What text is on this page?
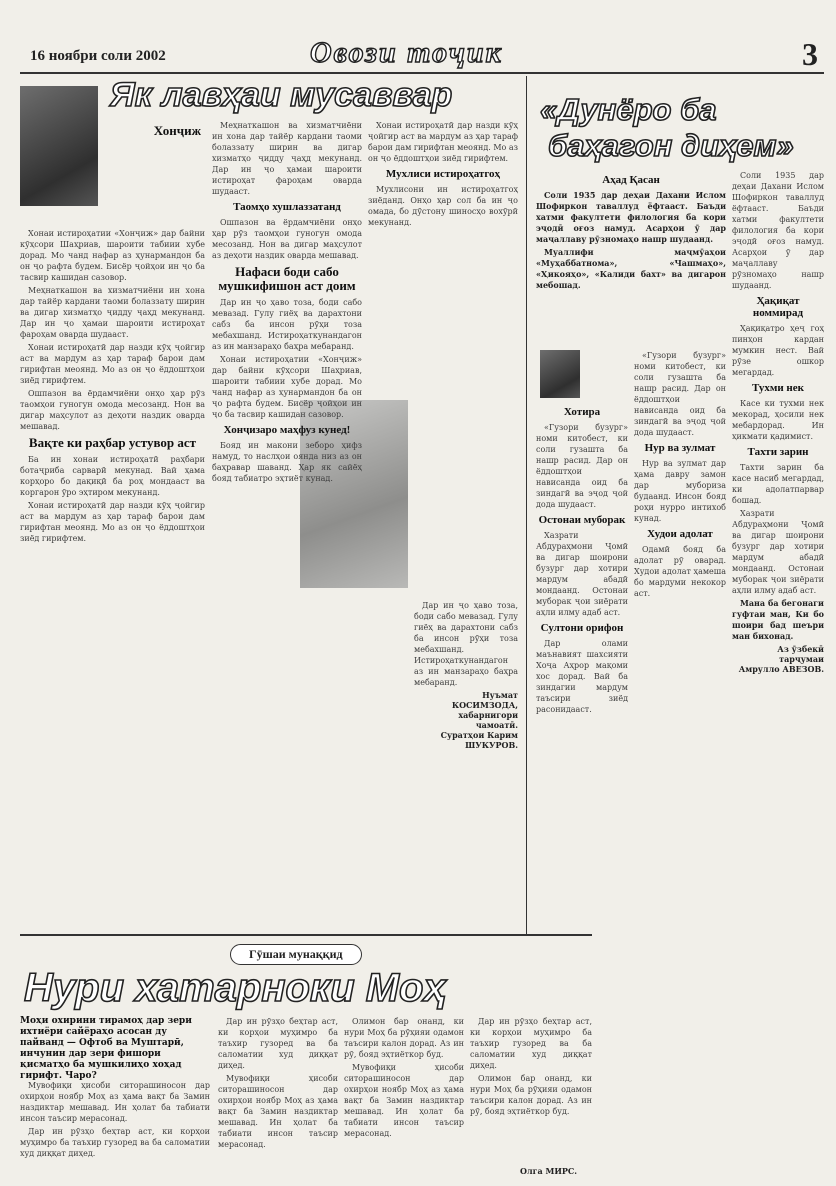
16 ноябри соли 2002	Овози тоҷик	3
Як лавҳаи мусаввар
Хонҷиж

Хонаи истироҳатии «Хонҷиж» дар байни кӯҳсори Шаҳриав, шароити табиии хубе дорад. Мо чанд нафар аз ҳунармандон ба он ҷо рафта будем. Бисёр ҷойҳои ин ҷо ба тасвир кашидан сазовор.

Меҳнаткашон ва хизматчиёни ин хона дар тайёр кардани таоми болаззату ширин ва дигар хизматҳо ҷидду ҷаҳд мекунанд. Дар ин ҷо ҳамаи шароити истироҳат фароҳам оварда шудааст.

Хонаи истироҳатӣ дар назди кӯҳ ҷойгир аст ва мардум аз ҳар тараф барои дам гирифтан меоянд. Мо аз он ҷо ёддоштҳои зиёд гирифтем.

Ошпазон ва ёрдамчиёни онҳо ҳар рӯз таомҳои гуногун омода месозанд. Нон ва дигар маҳсулот аз деҳоти наздик оварда мешавад.

Вақте ки раҳбар устувор аст

Ба ин хонаи истироҳатӣ раҳбари ботаҷриба сарварӣ мекунад. Вай ҳама корҳоро бо дақиқӣ ба роҳ мондааст ва коргарон ӯро эҳтиром мекунанд.

Хонаи истироҳатӣ дар назди кӯҳ ҷойгир аст ва мардум аз ҳар тараф барои дам гирифтан меоянд. Мо аз он ҷо ёддоштҳои зиёд гирифтем.

Меҳнаткашон ва хизматчиёни ин хона дар тайёр кардани таоми болаззату ширин ва дигар хизматҳо ҷидду ҷаҳд мекунанд. Дар ин ҷо ҳамаи шароити истироҳат фароҳам оварда шудааст.

Таомҳо хушлаззатанд

Ошпазон ва ёрдамчиёни онҳо ҳар рӯз таомҳои гуногун омода месозанд. Нон ва дигар маҳсулот аз деҳоти наздик оварда мешавад.

Нафаси боди сабо мушкифишон аст доим

Дар ин ҷо ҳаво тоза, боди сабо мевазад. Гулу гиёҳ ва дарахтони сабз ба инсон рӯҳи тоза мебахшанд. Истироҳаткунандагон аз ин манзараҳо баҳра мебаранд.

Хонаи истироҳатии «Хонҷиж» дар байни кӯҳсори Шаҳриав, шароити табиии хубе дорад. Мо чанд нафар аз ҳунармандон ба он ҷо рафта будем. Бисёр ҷойҳои ин ҷо ба тасвир кашидан сазовор.

Хонҷизаро маҳфуз кунед!

Бояд ин макони зеборо ҳифз намуд, то наслҳои оянда низ аз он баҳравар шаванд. Ҳар як сайёҳ бояд табиатро эҳтиёт кунад.

Хонаи истироҳатӣ дар назди кӯҳ ҷойгир аст ва мардум аз ҳар тараф барои дам гирифтан меоянд. Мо аз он ҷо ёддоштҳои зиёд гирифтем.

Мухлиси истироҳатгоҳ

Мухлисони ин истироҳатгоҳ зиёданд. Онҳо ҳар сол ба ин ҷо омада, бо дӯстону шиносҳо вохӯрӣ мекунанд.

Дар ин ҷо ҳаво тоза, боди сабо мевазад. Гулу гиёҳ ва дарахтони сабз ба инсон рӯҳи тоза мебахшанд. Истироҳаткунандагон аз ин манзараҳо баҳра мебаранд.

Нуъмат КОСИМЗОДА,
хабарнигори чамоатӣ.
Суратҳои Карим ШУКУРОВ.
«Дунёро ба
баҳагон диҳем»
Аҳад Қасан

Соли 1935 дар деҳаи Дахани Ислом Шофиркон таваллуд ёфтааст. Баъди хатми факултети филология ба кори эҷодӣ оғоз намуд. Асарҳои ӯ дар маҷаллаву рӯзномаҳо нашр шудаанд.

Муаллифи маҷмӯаҳои «Муҳаббатнома», «Чашмаҳо», «Ҳикояҳо», «Калиди бахт» ва дигарон мебошад.

Хотира

«Гузори бузург» номи китобест, ки соли гузашта ба нашр расид. Дар он ёддоштҳои нависанда оид ба зиндагӣ ва эҷод ҷой дода шудааст.

Остонаи муборак

Хазрати Абдураҳмони Ҷомӣ ва дигар шоирони бузург дар хотири мардум абадӣ мондаанд. Остонаи муборак ҷои зиёрати аҳли илму адаб аст.

Султони орифон

Дар олами маънавият шахсияти Хоҷа Аҳрор мақоми хос дорад. Вай ба зиндагии мардум таъсири зиёд расонидааст.

«Гузори бузург» номи китобест, ки соли гузашта ба нашр расид. Дар он ёддоштҳои нависанда оид ба зиндагӣ ва эҷод ҷой дода шудааст.

Нур ва зулмат

Нур ва зулмат дар ҳама давру замон дар мубориза будаанд. Инсон бояд роҳи нурро интихоб кунад.

Худои адолат

Одамӣ бояд ба адолат рӯ оварад. Худои адолат ҳамеша бо мардуми некокор аст.

Соли 1935 дар деҳаи Дахани Ислом Шофиркон таваллуд ёфтааст. Баъди хатми факултети филология ба кори эҷодӣ оғоз намуд. Асарҳои ӯ дар маҷаллаву рӯзномаҳо нашр шудаанд.

Ҳақиқат номмирад

Ҳақиқатро ҳеҷ гоҳ пинҳон кардан мумкин нест. Вай рӯзе ошкор мегардад.

Тухми нек

Касе ки тухми нек мекорад, ҳосили нек мебардорад. Ин ҳикмати қадимист.

Тахти зарин

Тахти зарин ба касе насиб мегардад, ки адолатпарвар бошад.

Хазрати Абдураҳмони Ҷомӣ ва дигар шоирони бузург дар хотири мардум абадӣ мондаанд. Остонаи муборак ҷои зиёрати аҳли илму адаб аст.

Мана ба бегонаги гуфтаи ман, Ки бо шоири бад шеъри ман бихонад.

Аз ӯзбекӣ тарҷумаи
Амрулло АВЕЗОВ.
Гӯшаи мунаққид
Нури хатарноки Моҳ
Моҳи охирини тирамоҳ дар зери ихтиёри сайёраҳо асосан ду пайванд — Офтоб ва Муштарӣ, инчунин дар зери фишори қисматҳо ба мушкилиҳо хоҳад гирифт. Чаро?

Мувофиқи ҳисоби ситорашиносон дар охирҳои ноябр Моҳ аз ҳама вақт ба Замин наздиктар мешавад. Ин ҳолат ба табиати инсон таъсир мерасонад.

Дар ин рӯзҳо беҳтар аст, ки корҳои муҳимро ба таъхир гузоред ва ба саломатии худ диққат диҳед.

Дар ин рӯзҳо беҳтар аст, ки корҳои муҳимро ба таъхир гузоред ва ба саломатии худ диққат диҳед.

Мувофиқи ҳисоби ситорашиносон дар охирҳои ноябр Моҳ аз ҳама вақт ба Замин наздиктар мешавад. Ин ҳолат ба табиати инсон таъсир мерасонад.

Олимон бар онанд, ки нури Моҳ ба рӯҳияи одамон таъсири калон дорад. Аз ин рӯ, бояд эҳтиёткор буд.

Мувофиқи ҳисоби ситорашиносон дар охирҳои ноябр Моҳ аз ҳама вақт ба Замин наздиктар мешавад. Ин ҳолат ба табиати инсон таъсир мерасонад.

Дар ин рӯзҳо беҳтар аст, ки корҳои муҳимро ба таъхир гузоред ва ба саломатии худ диққат диҳед.

Олимон бар онанд, ки нури Моҳ ба рӯҳияи одамон таъсири калон дорад. Аз ин рӯ, бояд эҳтиёткор буд.

Олга МИРС.
